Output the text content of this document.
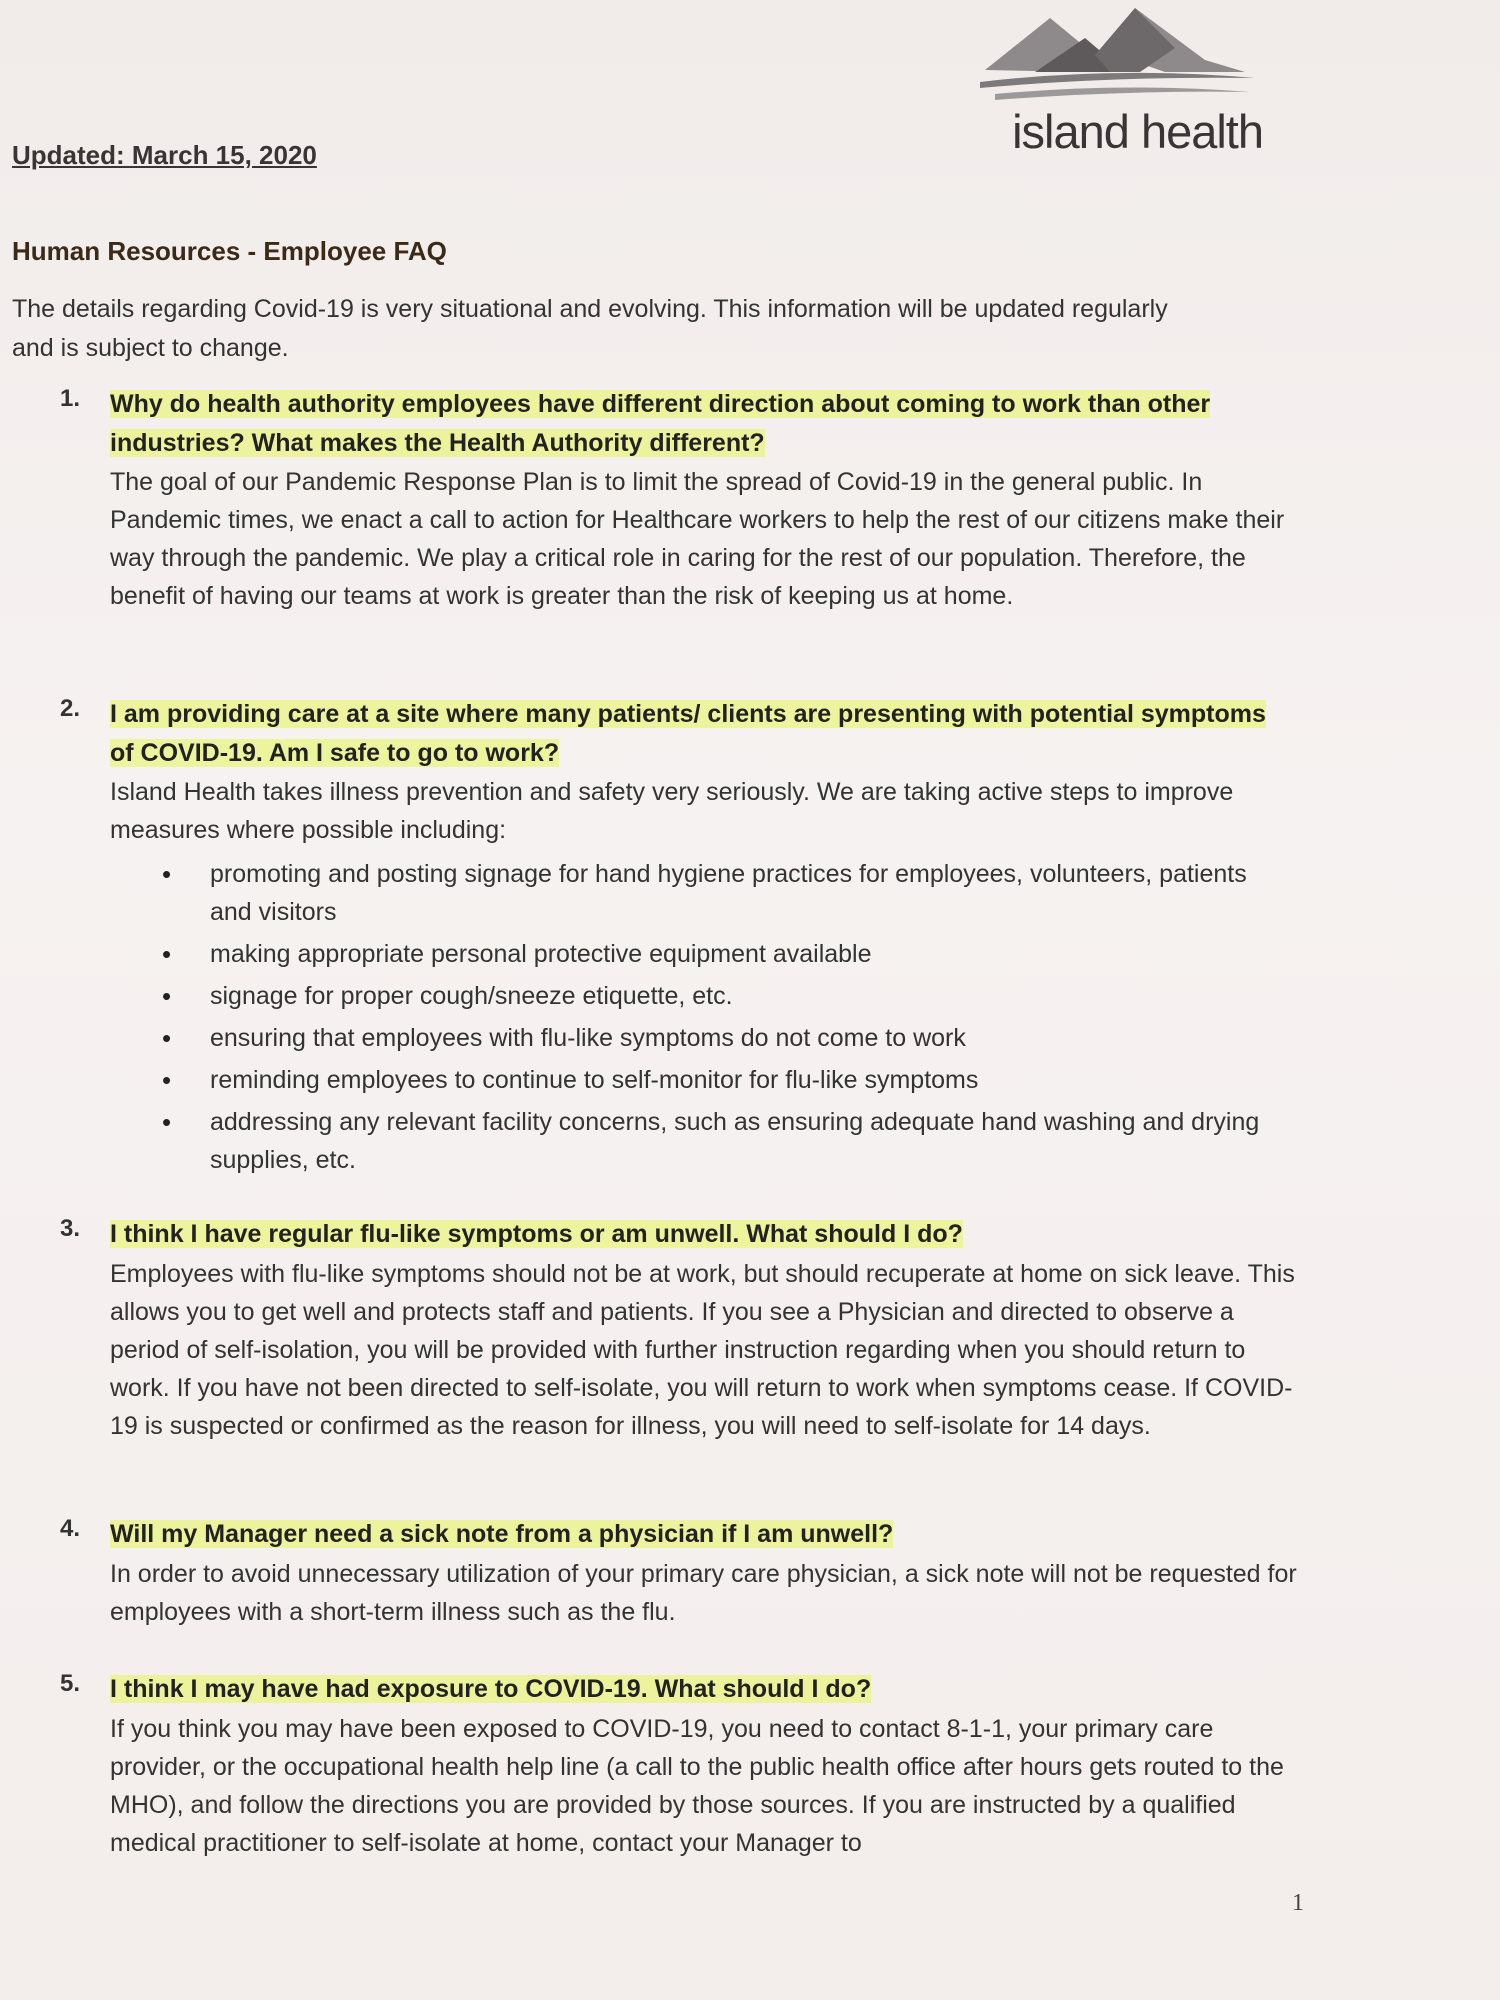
island health
Updated: March 15, 2020
Human Resources - Employee FAQ
The details regarding Covid-19 is very situational and evolving. This information will be updated regularly and is subject to change.
1. Why do health authority employees have different direction about coming to work than other industries? What makes the Health Authority different?
The goal of our Pandemic Response Plan is to limit the spread of Covid-19 in the general public. In Pandemic times, we enact a call to action for Healthcare workers to help the rest of our citizens make their way through the pandemic. We play a critical role in caring for the rest of our population. Therefore, the benefit of having our teams at work is greater than the risk of keeping us at home.
2. I am providing care at a site where many patients/ clients are presenting with potential symptoms of COVID-19. Am I safe to go to work?
Island Health takes illness prevention and safety very seriously. We are taking active steps to improve measures where possible including:
• promoting and posting signage for hand hygiene practices for employees, volunteers, patients and visitors
• making appropriate personal protective equipment available
• signage for proper cough/sneeze etiquette, etc.
• ensuring that employees with flu-like symptoms do not come to work
• reminding employees to continue to self-monitor for flu-like symptoms
• addressing any relevant facility concerns, such as ensuring adequate hand washing and drying supplies, etc.
3. I think I have regular flu-like symptoms or am unwell. What should I do?
Employees with flu-like symptoms should not be at work, but should recuperate at home on sick leave. This allows you to get well and protects staff and patients. If you see a Physician and directed to observe a period of self-isolation, you will be provided with further instruction regarding when you should return to work. If you have not been directed to self-isolate, you will return to work when symptoms cease. If COVID-19 is suspected or confirmed as the reason for illness, you will need to self-isolate for 14 days.
4. Will my Manager need a sick note from a physician if I am unwell?
In order to avoid unnecessary utilization of your primary care physician, a sick note will not be requested for employees with a short-term illness such as the flu.
5. I think I may have had exposure to COVID-19. What should I do?
If you think you may have been exposed to COVID-19, you need to contact 8-1-1, your primary care provider, or the occupational health help line (a call to the public health office after hours gets routed to the MHO), and follow the directions you are provided by those sources. If you are instructed by a qualified medical practitioner to self-isolate at home, contact your Manager to
1
